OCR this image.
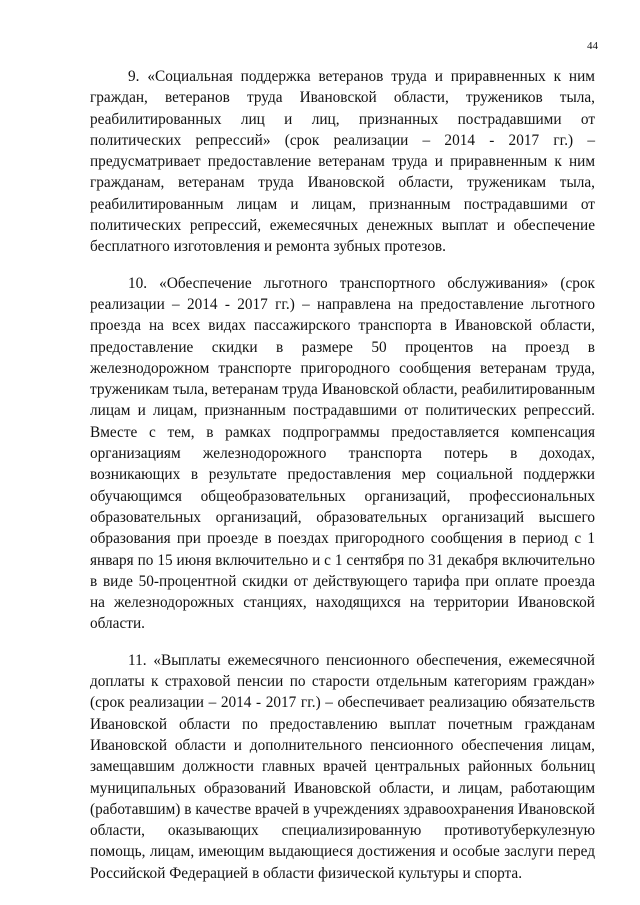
44

9. «Социальная поддержка ветеранов труда и приравненных к ним граждан, ветеранов труда Ивановской области, тружеников тыла, реабилитированных лиц и лиц, признанных пострадавшими от политических репрессий» (срок реализации – 2014 - 2017 гг.) – предусматривает предоставление ветеранам труда и приравненным к ним гражданам, ветеранам труда Ивановской области, труженикам тыла, реабилитированным лицам и лицам, признанным пострадавшими от политических репрессий, ежемесячных денежных выплат и обеспечение бесплатного изготовления и ремонта зубных протезов.

10. «Обеспечение льготного транспортного обслуживания» (срок реализации – 2014 - 2017 гг.) – направлена на предоставление льготного проезда на всех видах пассажирского транспорта в Ивановской области, предоставление скидки в размере 50 процентов на проезд в железнодорожном транспорте пригородного сообщения ветеранам труда, труженикам тыла, ветеранам труда Ивановской области, реабилитированным лицам и лицам, признанным пострадавшими от политических репрессий. Вместе с тем, в рамках подпрограммы предоставляется компенсация организациям железнодорожного транспорта потерь в доходах, возникающих в результате предоставления мер социальной поддержки обучающимся общеобразовательных организаций, профессиональных образовательных организаций, образовательных организаций высшего образования при проезде в поездах пригородного сообщения в период с 1 января по 15 июня включительно и с 1 сентября по 31 декабря включительно в виде 50-процентной скидки от действующего тарифа при оплате проезда на железнодорожных станциях, находящихся на территории Ивановской области.

11. «Выплаты ежемесячного пенсионного обеспечения, ежемесячной доплаты к страховой пенсии по старости отдельным категориям граждан» (срок реализации – 2014 - 2017 гг.) – обеспечивает реализацию обязательств Ивановской области по предоставлению выплат почетным гражданам Ивановской области и дополнительного пенсионного обеспечения лицам, замещавшим должности главных врачей центральных районных больниц муниципальных образований Ивановской области, и лицам, работающим (работавшим) в качестве врачей в учреждениях здравоохранения Ивановской области, оказывающих специализированную противотуберкулезную помощь, лицам, имеющим выдающиеся достижения и особые заслуги перед Российской Федерацией в области физической культуры и спорта.
